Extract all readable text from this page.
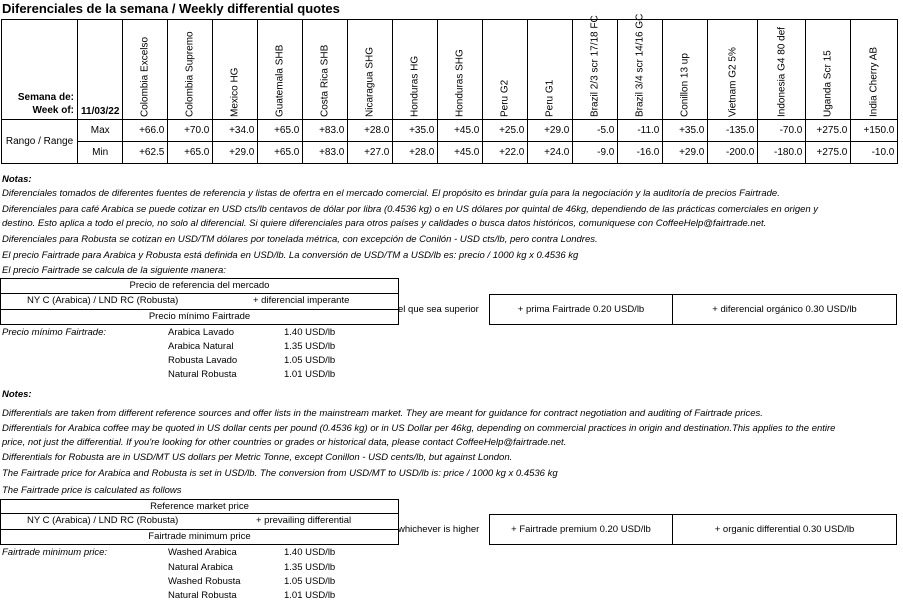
Diferenciales de la semana / Weekly differential quotes
Semana de:
Week of:	11/03/22	Colombia Excelso	Colombia Supremo	Mexico HG	Guatemala SHB	Costa Rica SHB	Nicaragua SHG	Honduras HG	Honduras SHG	Peru G2	Peru G1	Brazil 2/3 scr 17/18 FC	Brazil 3/4 scr 14/16 GC	Conillon 13 up	Vietnam G2 5%	Indonesia G4 80 def	Uganda Scr 15	India Cherry AB

Rango / Range	Max	+66.0	+70.0	+34.0	+65.0	+83.0	+28.0	+35.0	+45.0	+25.0	+29.0	-5.0	-11.0	+35.0	-135.0	-70.0	+275.0	+150.0
	Min	+62.5	+65.0	+29.0	+65.0	+83.0	+27.0	+28.0	+45.0	+22.0	+24.0	-9.0	-16.0	+29.0	-200.0	-180.0	+275.0	-10.0
Notas:
Diferenciales tomados de diferentes fuentes de referencia y listas de ofertra en el mercado comercial. El propósito es brindar guía para la negociación y la auditoría de precios Fairtrade.
Diferenciales para café Arabica se puede cotizar en USD cts/lb centavos de dólar por libra (0.4536 kg) o en US dólares por quintal de 46kg, dependiendo de las prácticas comerciales en origen y
destino. Esto aplica a todo el precio, no solo al diferencial. Si quiere diferenciales para otros países y calidades o busca datos históricos, comuniquese con CoffeeHelp@fairtrade.net.
Diferenciales para Robusta se cotizan en USD/TM dólares por tonelada métrica, con excepción de Conilón - USD cts/lb, pero contra Londres.
El precio Fairtrade para Arabica y Robusta está definida en USD/lb. La conversión de USD/TM a USD/lb es: precio / 1000 kg x 0.4536 kg
El precio Fairtrade se calcula de la siguiente manera:
Precio de referencia del mercado
NY C (Arabica) / LND RC (Robusta)	+ diferencial imperante
Precio mínimo Fairtrade
el que sea superior	+ prima Fairtrade 0.20 USD/lb	+ diferencial orgánico 0.30 USD/lb
Precio mínimo Fairtrade:	Arabica Lavado	1.40 USD/lb
Arabica Natural	1.35 USD/lb
Robusta Lavado	1.05 USD/lb
Natural Robusta	1.01 USD/lb
Notes:
Differentials are taken from different reference sources and offer lists in the mainstream market. They are meant for guidance for contract negotiation and auditing of Fairtrade prices.
Differentials for Arabica coffee may be quoted in US dollar cents per pound (0.4536 kg) or in US Dollar per 46kg, depending on commercial practices in origin and destination.This applies to the entire
price, not just the differential. If you're looking for other countries or grades or historical data, please contact CoffeeHelp@fairtrade.net.
Differentials for Robusta are in USD/MT US dollars per Metric Tonne, except Conillon - USD cents/lb, but against London.
The Fairtrade price for Arabica and Robusta is set in USD/lb. The conversion from USD/MT to USD/lb is: price / 1000 kg x 0.4536 kg
The Fairtrade price is calculated as follows
Reference market price
NY C (Arabica) / LND RC (Robusta)	+ prevailing differential
Fairtrade minimum price
whichever is higher	+ Fairtrade premium 0.20 USD/lb	+ organic differential 0.30 USD/lb
Fairtrade minimum price:	Washed Arabica	1.40 USD/lb
Natural Arabica	1.35 USD/lb
Washed Robusta	1.05 USD/lb
Natural Robusta	1.01 USD/lb
